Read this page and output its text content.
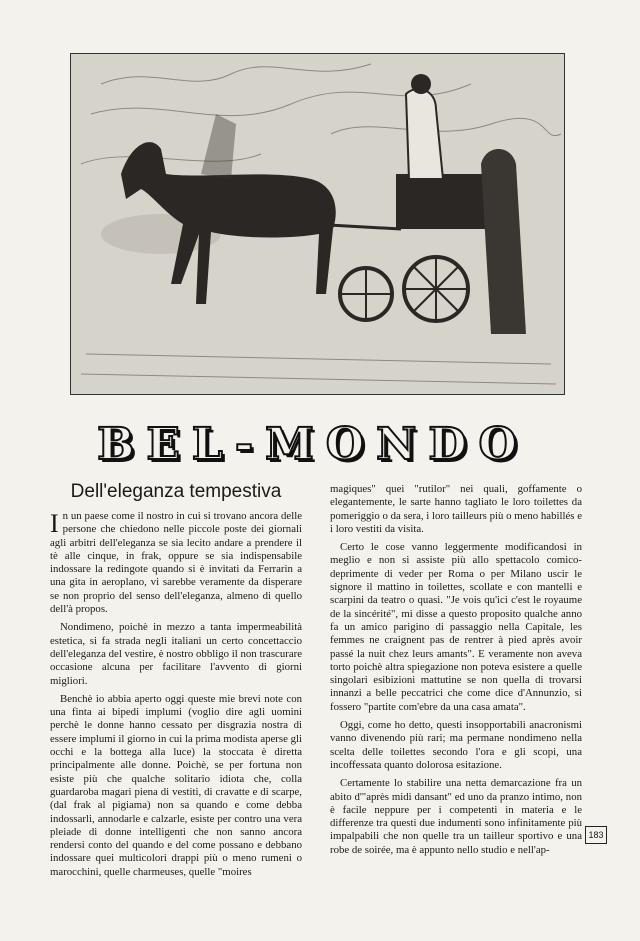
BEL-MONDO
Dell'eleganza tempestiva

In un paese come il nostro in cui si trovano ancora delle persone che chiedono nelle piccole poste dei giornali agli arbitri dell'eleganza se sia lecito andare a prendere il tè alle cinque, in frak, oppure se sia indispensabile indossare la redingote quando si è invitati da Ferrarin a una gita in aeroplano, vi sarebbe veramente da disperare se non proprio del senso dell'eleganza, almeno di quello dell'à propos.

Nondimeno, poichè in mezzo a tanta impermeabilità estetica, si fa strada negli italiani un certo concettaccio dell'eleganza del vestire, è nostro obbligo il non trascurare occasione alcuna per facilitare l'avvento di giorni migliori.

Benchè io abbia aperto oggi queste mie brevi note con una finta ai bipedi implumi (voglio dire agli uomini perchè le donne hanno cessato per disgrazia nostra di essere implumi il giorno in cui la prima modista aperse gli occhi e la bottega alla luce) la stoccata è diretta principalmente alle donne. Poichè, se per fortuna non esiste più che qualche solitario idiota che, colla guardaroba magari piena di vestiti, di cravatte e di scarpe, (dal frak al pigiama) non sa quando e come debba indossarli, annodarle e calzarle, esiste per contro una vera pleiade di donne intelligenti che non sanno ancora rendersi conto del quando e del come possano e debbano indossare quei multicolori drappi più o meno rumeni o marocchini, quelle charmeuses, quelle "moires

magiques" quei "rutilor" nei quali, goffamente o elegantemente, le sarte hanno tagliato le loro toilettes da pomeriggio o da sera, i loro tailleurs più o meno habillés e i loro vestiti da visita.

Certo le cose vanno leggermente modificandosi in meglio e non si assiste più allo spettacolo comico-deprimente di veder per Roma o per Milano uscir le signore il mattino in toilettes, scollate e con mantelli e scarpini da teatro o quasi. "Je vois qu'ici c'est le royaume de la sincérité", mi disse a questo proposito qualche anno fa un amico parigino di passaggio nella Capitale, les femmes ne craignent pas de rentrer à pied après avoir passé la nuit chez leurs amants". E veramente non aveva torto poichè altra spiegazione non poteva esistere a quelle singolari esibizioni mattutine se non quella di trovarsi innanzi a belle peccatrici che come dice d'Annunzio, si fossero "partite com'ebre da una casa amata".

Oggi, come ho detto, questi insopportabili anacronismi vanno divenendo più rari; ma permane nondimeno nella scelta delle toilettes secondo l'ora e gli scopi, una incoffessata quanto dolorosa esitazione.

Certamente lo stabilire una netta demarcazione fra un abito d'"après midi dansant" ed uno da pranzo intimo, non è facile neppure per i competenti in materia e le differenze tra questi due indumenti sono infinitamente più impalpabili che non quelle tra un tailleur sportivo e una robe de soirée, ma è appunto nello studio e nell'ap-

183
